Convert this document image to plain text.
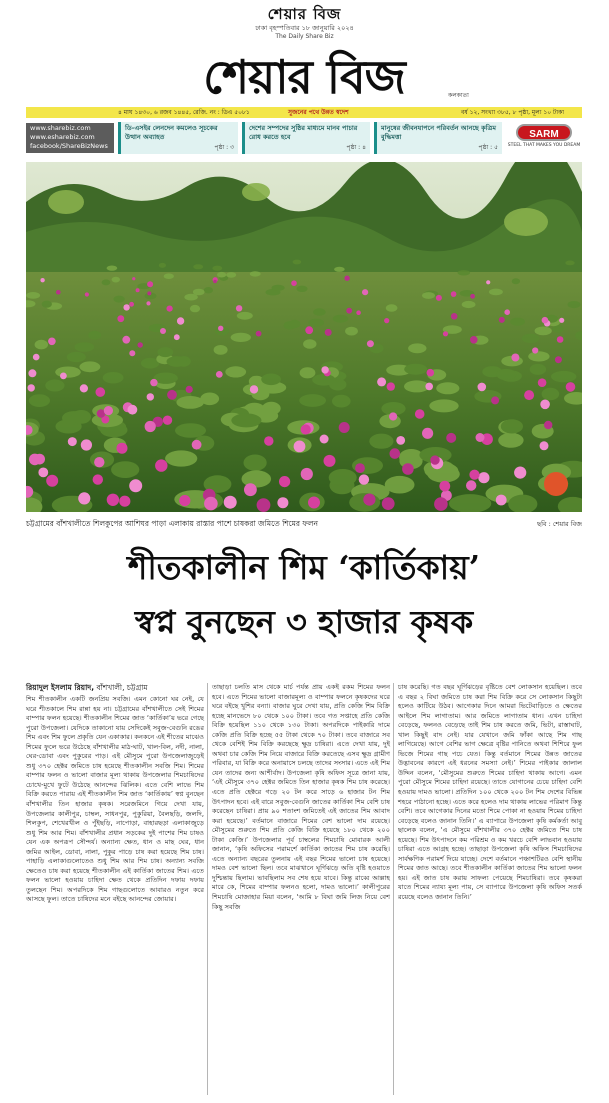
শেয়ার বিজ
ঢাকা বৃহস্পতিবার ১৮ জানুয়ারি ২০২৪
The Daily Share Biz
শেয়ার বিজ	কলকাতা
৪ মাঘ ১৪৩০, ৬ রজব ১৪৪৫, রেজি. নং : ডিএ ৫০৮১	সুজনের পথে উন্নত স্বদেশ	বর্ষ ১২, সংখ্যা ৩৮৫, ৮ পৃষ্ঠা, মূল্য ১০ টাকা
www.sharebiz.com
www.esharebiz.com
facebook/ShareBizNews
ডি-এসইর লেনদেন কমলেও সূচকের উত্থান অব্যাহত
পৃষ্ঠা : ৩
দেশের সম্পদের সুষ্ঠির মাধ্যমে মানব পাচার রোধ করতে হবে
পৃষ্ঠা : ৪
মানুষের জীবনযাপনে পরিবর্তন আনছে কৃত্রিম বুদ্ধিমত্তা
পৃষ্ঠা : ৫
SARM
STEEL THAT MAKES YOU DREAM
চট্টগ্রামের বাঁশখালীতে শিলকুপের আশিঘর পাড়া এলাকায় রাস্তার পাশে চাষকরা জমিতে শিমের ফলন	ছবি : শেয়ার বিজ
শীতকালীন শিম ‘কার্তিকায়’
স্বপ্ন বুনছেন ৩ হাজার কৃষক
রিয়াদুল ইসলাম রিয়াদ, বাঁশখালী, চট্টগ্রাম

শিম শীতকালীন একটি জনপ্রিয় সবজি। এমন কোনো ঘর নেই, যে ঘরে শীতকালে শিম রান্না হয় না। চট্টগ্রামের বাঁশখালীতে সেই শিমের বাম্পার ফলন হয়েছে। শীতকালীন শিমের জাত ‘কার্তিকা’য় ভরে গেছে পুরো উপজেলা। যেদিকে তাকানো যায় সেদিকেই সবুজ-বেগুনি রঙের শিম এবং শিম ফুলে প্রকৃতি যেন একাকার। কনকনে এই শীতের মাঝেও শিমের ফুলে ভরে উঠেছে বাঁশখালীর মাঠ-ঘাট, খাল-বিল, নদী, নালা, ঘের-ডোবা এবং পুকুরের পাড়। এই মৌসুমে পুরো উপজেলাজুড়েই শুধু ৩৭০ হেক্টর জমিতে চাষ হয়েছে শীতকালীন সবজি শিম। শিমের বাম্পার ফলন ও ভালো বাজার মূল্য থাকায় উপজেলার শিমচাষিদের চোখে-মুখে ফুটে উঠেছে আনন্দের ঝিলিক। এতে বেশি লাভে শিম বিক্রি করতে পারায় এই শীতকালীন শিম জাত ‘কার্তিকায়’ স্বপ্ন বুনছেন বাঁশখালীর তিন হাজার কৃষক। সরেজমিনে গিয়ে দেখা যায়, উপজেলার কালীপুর, চাম্বল, সাধনপুর, পুকুরিয়া, বৈলছড়ি, জলদি, শিলকুপ, শেখেরখীল ও পুঁইছড়ি, নাপোড়া, বাহারছড়া এলাকাজুড়ে শুধু শিম আর শিম। বাঁশখালীর প্রধান সড়কের দুই পাশের শিম চাষও যেন এক অপরূপ সৌন্দর্য। অন্যান্য ক্ষেত, ধান ও মাছ ঘের, ধান জমির আইল, ডোবা, নালা, পুকুর পাড়ে চাষ করা হয়েছে শিম চাষ। পাহাড়ি এলাকাগুলোতেও শুধু শিম আর শিম চাষ। অন্যান্য সবজি ক্ষেতেও চাষ করা হয়েছে শীতকালীন এই কার্তিকা জাতের শিম। এতে ফলন ভালো হওয়ায় চাহিদা ক্ষেত থেকে প্রতিদিন দফায় দফায় তুলছেন শিম। অপরদিকে শিম গাছগুলোতে আবারও নতুন করে আসছে ফুল। তাতে চাষিদের মনে বইছে আনন্দের জোয়ার।

তাছাড়া চলতি মাস থেকে মার্চ পর্যন্ত প্রায় একই রকম শিমের ফলন হবে। এতে শিমের ভালো বাজারমূল্য ও বাম্পার ফলনে কৃষকদের ঘরে ঘরে বইছে খুশির বন্যা। বাজার ঘুরে দেখা যায়, প্রতি কেজি শিম বিক্রি হচ্ছে মানভেদে ৮০ থেকে ১০০ টাকা। তবে গত সপ্তাহে প্রতি কেজি বিক্রি হয়েছিল ১১০ থেকে ১৩০ টাকা। অপরদিকে পাইকারি দামে কেজি প্রতি বিক্রি হচ্ছে ৫৫ টাকা থেকে ৭০ টাকা। তবে বাজারে সব থেকে বেশিই শিম বিক্রি করছেছে ক্ষুদ্র চাষিরা। এতে দেখা যায়, দুই অথবা চার কেজি শিম নিয়ে বাজারে বিক্রি করতেছে এসব ক্ষুদ্র গ্রামীণ পরিবার, যা বিক্রি করে অনায়াসে চলছে তাদের সংসার। এতে এই শিম যেন তাদের জন্য আশীর্বাদ। উপজেলা কৃষি অফিস সূত্রে জানা যায়, ‘এই মৌসুমে ৩৭০ হেক্টর জমিতে তিন হাজার কৃষক শিম চাষ করেছে। এতে প্রতি হেক্টরে গড়ে ২০ টন করে সাড়ে ৬ হাজার টন শিম উৎপাদন হবে। এই বারে সবুজ-বেগুনি জাতের কার্তিকা শিম বেশি চাষ করেছেন চাষিরা। প্রায় ৯০ শতাংশ জমিতেই এই জাতের শিম আবাদ করা হয়েছে।’ বর্তমানে বাজারে শিমের বেশ ভালো দাম রয়েছে। মৌসুমের শুরুতে শিম প্রতি কেজি বিক্রি হয়েছে ১৮০ থেকে ২০০ টাকা কেজি।’ উপজেলার পূর্ব চাম্বলের শিমচাষি মোবারক আলী জানান, ‘কৃষি অফিসের পরামর্শে কার্তিকা জাতের শিম চাষ করেছি। এতে অন্যান্য বছরের তুলনায় এই বছর শিমের ভালো চাষ হয়েছে। দামও বেশ ভালো ছিল। তবে মাঝখানে ঘূর্ণিঝড়ে অতি বৃষ্টি হওয়াতে দুশ্চিন্তায় ছিলাম। ভাবছিলাম সব শেষ হয়ে যাবে। কিন্তু রাব্বে আল্লাহ মারে কে, শিমের বাম্পার ফলনও হলো, দামও ভালো।’ কালীপুরের শিমচাষি মোজাহার মিয়া বলেন, ‘আমি ৮ বিঘা জমি লিজ নিয়ে বেশ কিছু সবজি

চাষ করেছি। গত বছর ঘূর্ণিঝড়ের বৃষ্টিতে বেশ লোকসান হয়েছিল। তবে এ বছর ২ বিঘা জমিতে চাষ করা শিম বিক্রি করে সে লোকসান কিছুটা হলেও কাটিয়ে উঠব। আগেকার দিনে আমরা ভিটেবাড়িতে ও ক্ষেতের আইলে শিম লাগাতাম। আর জমিতে লাগাতাম ধান। এখন চাহিদা বেড়েছে, ফলনও বেড়েছে তাই শিম চাষ করতে জমি, ভিটা, রাস্তাঘাট, খাল কিছুই বাদ নেই। যার যেখানে জমি ফাঁকা আছে শিম গাছ লাগিয়েছে। আগে বেশির ভাগ ক্ষেত্রে বৃষ্টির পানিতে অথবা শিশিরে ফুল ভিজে শিমের গাছ পচে যেত। কিন্তু বর্তমানে শিমের উন্নত জাতের উদ্ভাবনের কারণে এই ধরনের সমস্যা নেই।’ শিমের পাইকার জালাল উদ্দিন বলেন, ‘মৌসুমের শুরুতে শিমের চাহিদা থাকায় আগে। এমন পুরো মৌসুমে শিমের চাহিদা রয়েছে। তাতে যোগানের চেয়ে চাহিদা বেশি হওয়ায় দামও ভালো। প্রতিদিন ১০০ থেকে ২০০ টন শিম দেশের বিভিন্ন শহরে পাঠানো হচ্ছে। এতে করে হলেও দাম থাকায় লাভের পরিমাণ কিন্তু বেশি। তবে আগেকার দিনের মতো শিমে পোকা না হওয়ায় শিমের চাহিদা বেড়েছে বলেও জানান তিনি।’ এ ব্যাপারে উপজেলা কৃষি কর্মকর্তা আবু ছালেক বলেন, ‘এ মৌসুমে বাঁশখালীর ৩৭০ হেক্টর জমিতে শিম চাষ হয়েছে। শিম উৎপাদনে কম পরিশ্রম ও কম খরচে বেশি লাভবান হওয়ায় চাষিরা এতে আগ্রহ হচ্ছে। তাছাড়া উপজেলা কৃষি অফিস শিমচাষিদের সার্বক্ষণিক পরামর্শ দিয়ে যাচ্ছে। দেশে বর্তমানে পঞ্চাশটিরও বেশি স্থানীয় শিমের জাত আছে। তবে শীতকালীন কার্তিকা জাতের শিম ভালো ফলন হয়। এই জাত চাষ করায় সাফল্য পেয়েছে শিমচাষিরা। তবে কৃষকরা যাতে শিমের ন্যায্য মূল্য পায়, সে ব্যাপারে উপজেলা কৃষি অফিস সতর্ক রয়েছে বলেও জানান তিনি।’
